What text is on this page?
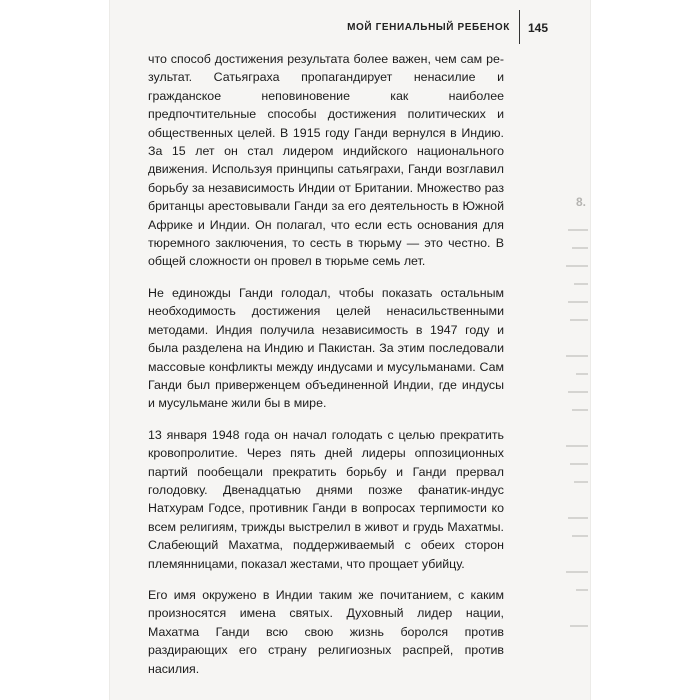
МОЙ ГЕНИАЛЬНЫЙ РЕБЕНОК	145

что способ достижения результата более важен, чем сам результат. Сатьяграха пропагандирует ненасилие и гражданское неповиновение как наиболее предпочтительные способы достижения политических и общественных целей. В 1915 году Ганди вернулся в Индию. За 15 лет он стал лидером индийского национального движения. Используя принципы сатьяграхи, Ганди возглавил борьбу за независимость Индии от Британии. Множество раз британцы арестовывали Ганди за его деятельность в Южной Африке и Индии. Он полагал, что если есть основания для тюремного заключения, то сесть в тюрьму — это честно. В общей сложности он провел в тюрьме семь лет.

Не единожды Ганди голодал, чтобы показать остальным необходимость достижения целей ненасильственными методами. Индия получила независимость в 1947 году и была разделена на Индию и Пакистан. За этим последовали массовые конфликты между индусами и мусульманами. Сам Ганди был приверженцем объединенной Индии, где индусы и мусульмане жили бы в мире.

13 января 1948 года он начал голодать с целью прекратить кровопролитие. Через пять дней лидеры оппозиционных партий пообещали прекратить борьбу и Ганди прервал голодовку. Двенадцатью днями позже фанатик-индус Натхурам Годсе, противник Ганди в вопросах терпимости ко всем религиям, трижды выстрелил в живот и грудь Махатмы. Слабеющий Махатма, поддерживаемый с обеих сторон племянницами, показал жестами, что прощает убийцу.

Его имя окружено в Индии таким же почитанием, с каким произносятся имена святых. Духовный лидер нации, Махатма Ганди всю свою жизнь боролся против раздирающих его страну религиозных распрей, против насилия.

8.
